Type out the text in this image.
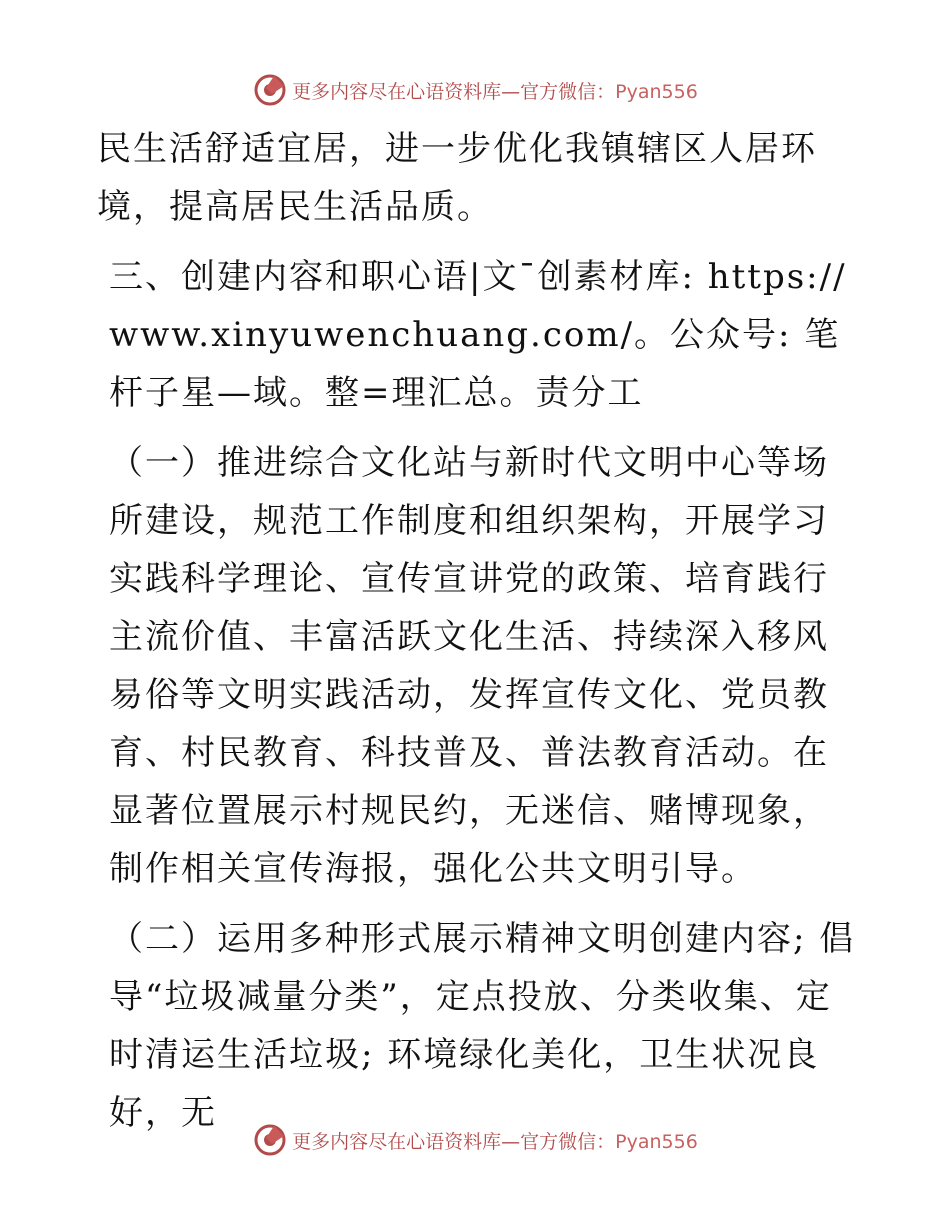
更多内容尽在心语资料库—官方微信：Pyan556

民生活舒适宜居，进一步优化我镇辖区人居环境，提高居民生活品质。

三、创建内容和职心语|文¯创素材库: https://www.xinyuwenchuang.com/。公众号: 笔杆子星—域。整=理汇总。责分工

（一）推进综合文化站与新时代文明中心等场所建设，规范工作制度和组织架构，开展学习实践科学理论、宣传宣讲党的政策、培育践行主流价值、丰富活跃文化生活、持续深入移风易俗等文明实践活动，发挥宣传文化、党员教育、村民教育、科技普及、普法教育活动。在显著位置展示村规民约，无迷信、赌博现象，制作相关宣传海报，强化公共文明引导。

（二）运用多种形式展示精神文明创建内容; 倡导“垃圾减量分类”，定点投放、分类收集、定时清运生活垃圾; 环境绿化美化，卫生状况良好，无

更多内容尽在心语资料库—官方微信：Pyan556
